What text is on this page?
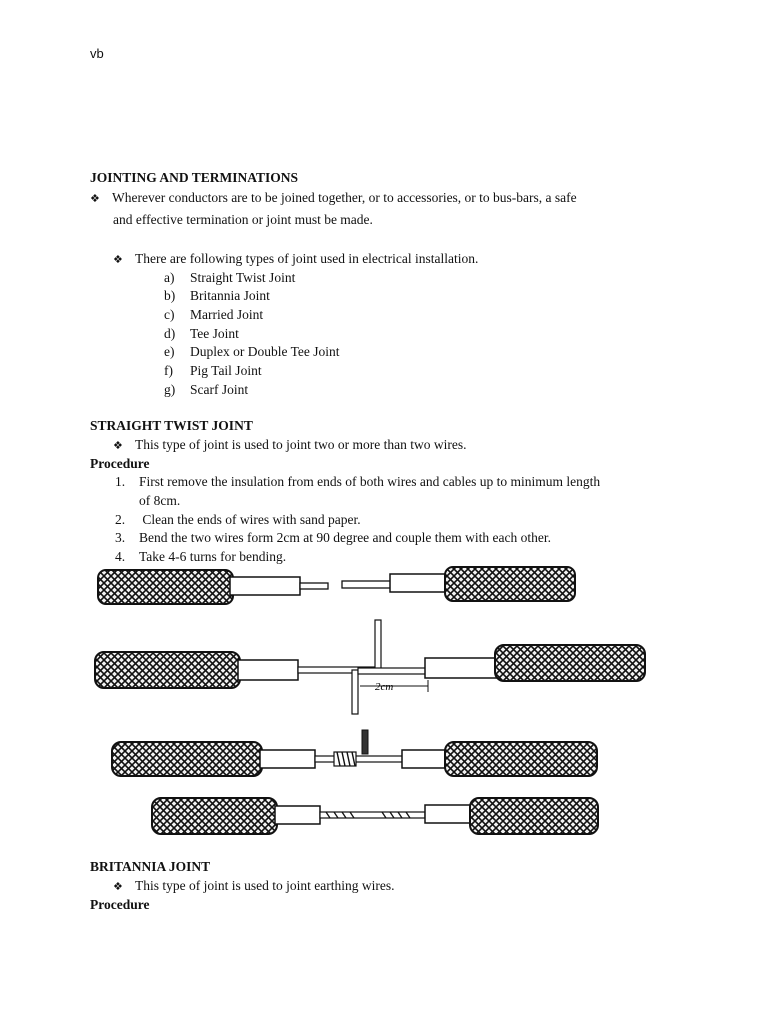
vb
JOINTING AND TERMINATIONS
❖ Wherever conductors are to be joined together, or to accessories, or to bus-bars, a safe
and effective termination or joint must be made.
❖ There are following types of joint used in electrical installation.
a) Straight Twist Joint
b) Britannia Joint
c) Married Joint
d) Tee Joint
e) Duplex or Double Tee Joint
f) Pig Tail Joint
g) Scarf Joint
STRAIGHT TWIST JOINT
❖ This type of joint is used to joint two or more than two wires.
Procedure
1. First remove the insulation from ends of both wires and cables up to minimum length
of 8cm.
2. Clean the ends of wires with sand paper.
3. Bend the two wires form 2cm at 90 degree and couple them with each other.
4. Take 4-6 turns for bending.
2cm
BRITANNIA JOINT
❖ This type of joint is used to joint earthing wires.
Procedure
